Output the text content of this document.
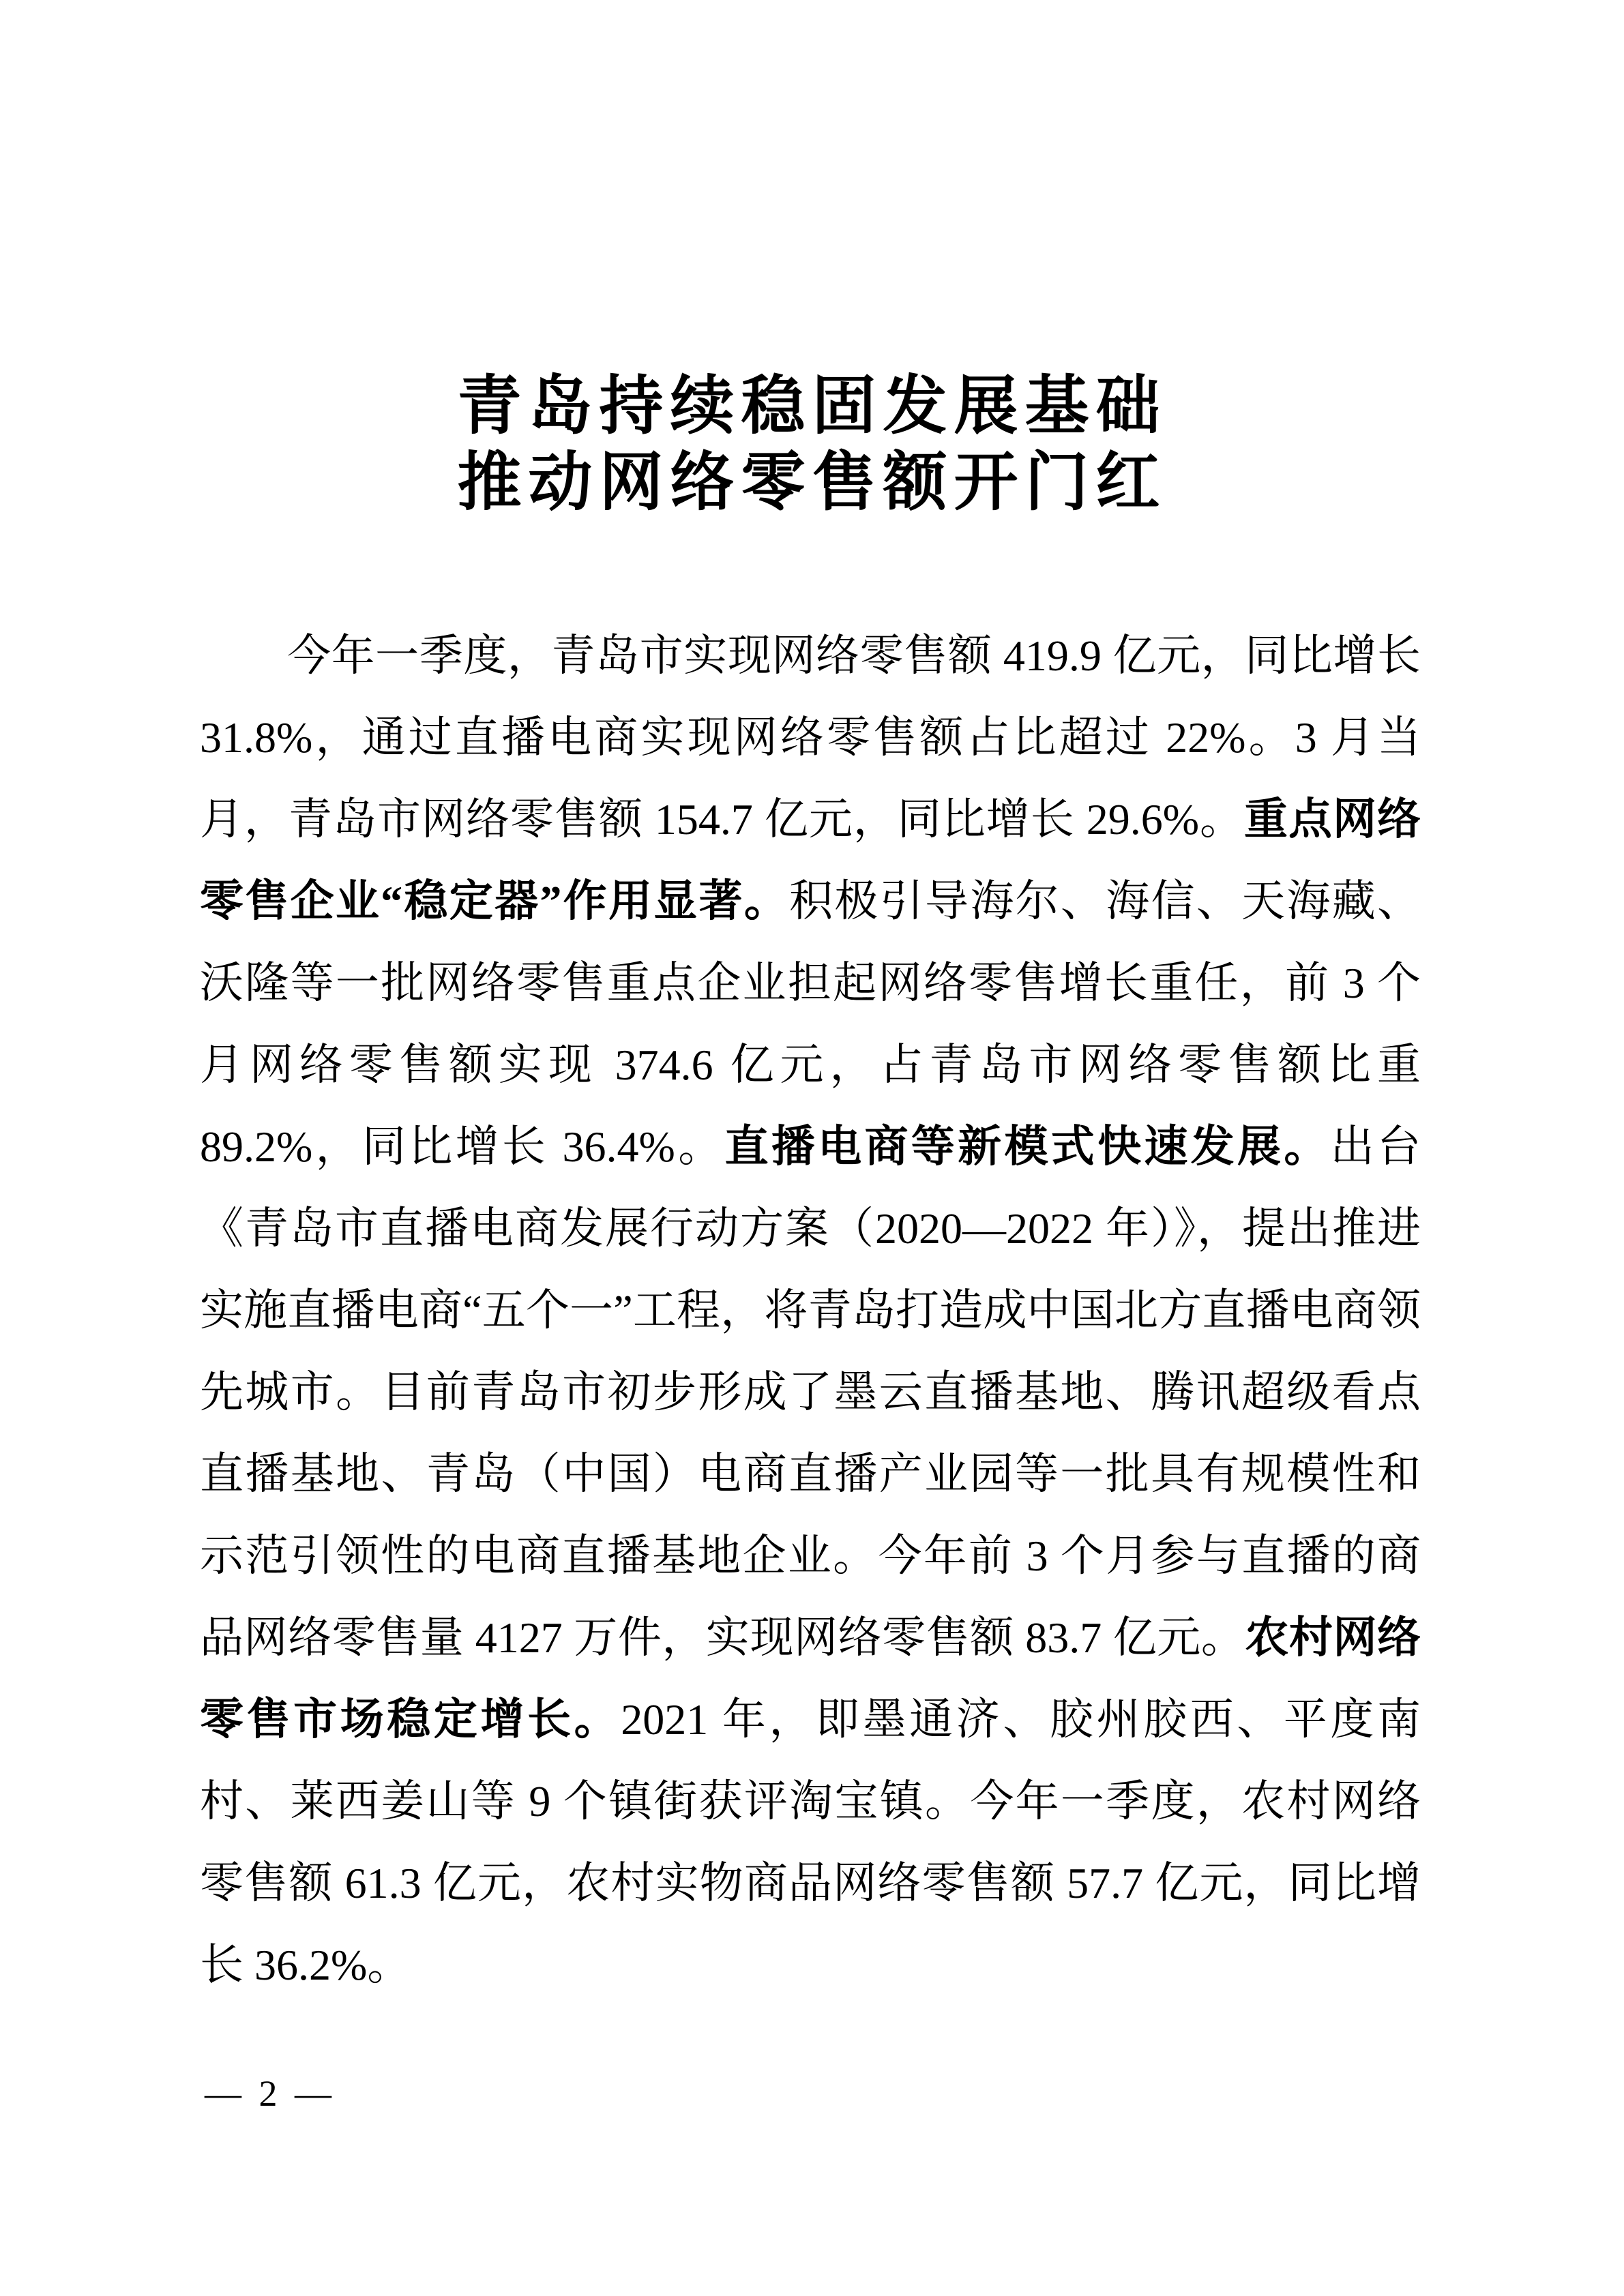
青岛持续稳固发展基础
推动网络零售额开门红

今年一季度，青岛市实现网络零售额 419.9 亿元，同比增长 31.8%，通过直播电商实现网络零售额占比超过 22%。3 月当月，青岛市网络零售额 154.7 亿元，同比增长 29.6%。重点网络零售企业“稳定器”作用显著。积极引导海尔、海信、天海藏、沃隆等一批网络零售重点企业担起网络零售增长重任，前 3 个月网络零售额实现 374.6 亿元，占青岛市网络零售额比重 89.2%，同比增长 36.4%。直播电商等新模式快速发展。出台《青岛市直播电商发展行动方案（2020—2022 年）》，提出推进实施直播电商“五个一”工程，将青岛打造成中国北方直播电商领先城市。目前青岛市初步形成了墨云直播基地、腾讯超级看点直播基地、青岛（中国）电商直播产业园等一批具有规模性和示范引领性的电商直播基地企业。今年前 3 个月参与直播的商品网络零售量 4127 万件，实现网络零售额 83.7 亿元。农村网络零售市场稳定增长。2021 年，即墨通济、胶州胶西、平度南村、莱西姜山等 9 个镇街获评淘宝镇。今年一季度，农村网络零售额 61.3 亿元，农村实物商品网络零售额 57.7 亿元，同比增长 36.2%。

— 2 —
